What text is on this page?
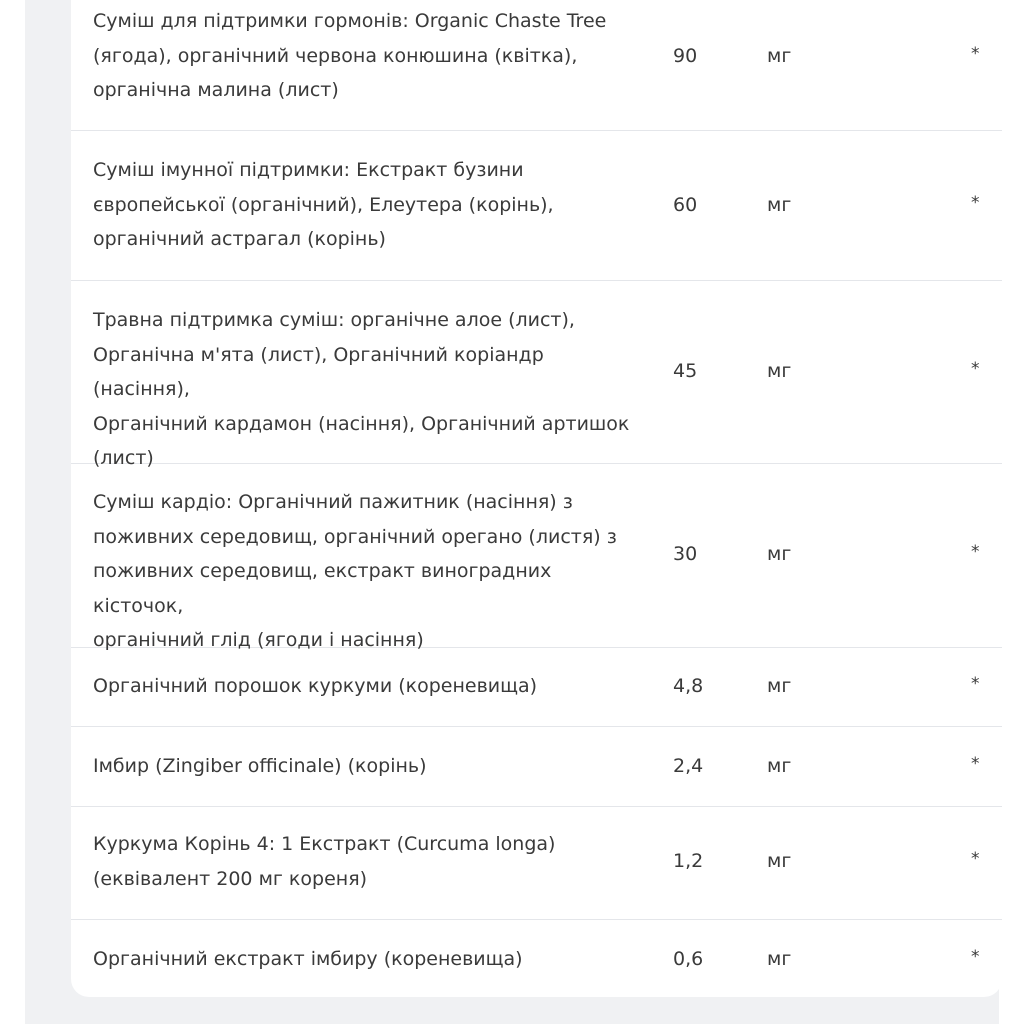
Суміш для підтримки гормонів: Organic Chaste Tree
(ягода), органічний червона конюшина (квітка),
органічна малина (лист)
90	мг	*
Суміш імунної підтримки: Екстракт бузини
європейської (органічний), Елеутера (корінь),
органічний астрагал (корінь)
60	мг	*
Травна підтримка суміш: органічне алое (лист),
Органічна м'ята (лист), Органічний коріандр (насіння),
Органічний кардамон (насіння), Органічний артишок
(лист)
45	мг	*
Суміш кардіо: Органічний пажитник (насіння) з
поживних середовищ, органічний орегано (листя) з
поживних середовищ, екстракт виноградних кісточок,
органічний глід (ягоди і насіння)
30	мг	*
Органічний порошок куркуми (кореневища)	4,8	мг	*
Імбир (Zingiber officinale) (корінь)	2,4	мг	*
Куркума Корінь 4: 1 Екстракт (Curcuma longa)
(еквівалент 200 мг кореня)
1,2	мг	*
Органічний екстракт імбиру (кореневища)	0,6	мг	*
